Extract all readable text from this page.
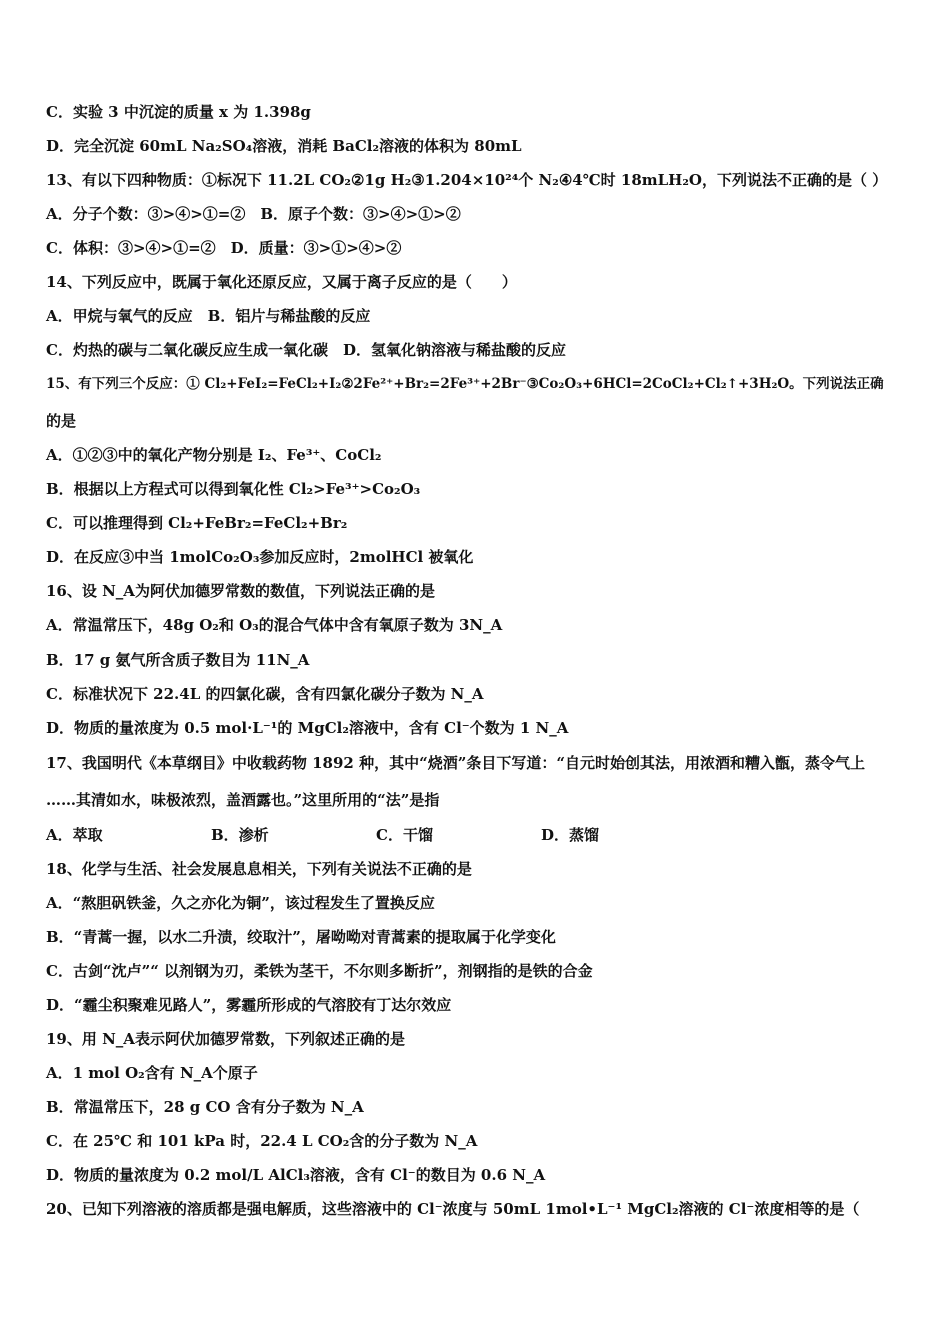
C．实验 3 中沉淀的质量 x 为 1.398g
D．完全沉淀 60mL Na₂SO₄溶液，消耗 BaCl₂溶液的体积为 80mL
13、有以下四种物质：①标况下 11.2L CO₂②1g H₂③1.204×10²⁴个 N₂④4℃时 18mLH₂O，下列说法不正确的是（ ）
A．分子个数：③>④>①=②　B．原子个数：③>④>①>②
C．体积：③>④>①=②　D．质量：③>①>④>②
14、下列反应中，既属于氧化还原反应，又属于离子反应的是（　　）
A．甲烷与氧气的反应　B．铝片与稀盐酸的反应
C．灼热的碳与二氧化碳反应生成一氧化碳　D．氢氧化钠溶液与稀盐酸的反应
15、有下列三个反应：① Cl₂+FeI₂=FeCl₂+I₂②2Fe²⁺+Br₂=2Fe³⁺+2Br⁻③Co₂O₃+6HCl=2CoCl₂+Cl₂↑+3H₂O。下列说法正确
的是
A．①②③中的氧化产物分别是 I₂、Fe³⁺、CoCl₂
B．根据以上方程式可以得到氧化性 Cl₂>Fe³⁺>Co₂O₃
C．可以推理得到 Cl₂+FeBr₂=FeCl₂+Br₂
D．在反应③中当 1molCo₂O₃参加反应时，2molHCl 被氧化
16、设 N_A为阿伏加德罗常数的数值，下列说法正确的是
A．常温常压下，48g O₂和 O₃的混合气体中含有氧原子数为 3N_A
B．17 g 氨气所含质子数目为 11N_A
C．标准状况下 22.4L 的四氯化碳，含有四氯化碳分子数为 N_A
D．物质的量浓度为 0.5 mol·L⁻¹的 MgCl₂溶液中，含有 Cl⁻个数为 1 N_A
17、我国明代《本草纲目》中收载药物 1892 种，其中“烧酒”条目下写道：“自元时始创其法，用浓酒和糟入甑，蒸令气上
……其清如水，味极浓烈，盖酒露也。”这里所用的“法”是指
A．萃取	B．渗析	C．干馏	D．蒸馏
18、化学与生活、社会发展息息相关，下列有关说法不正确的是
A．“熬胆矾铁釜，久之亦化为铜”，该过程发生了置换反应
B．“青蒿一握，以水二升渍，绞取汁”，屠呦呦对青蒿素的提取属于化学变化
C．古剑“沈卢”“ 以剂钢为刃，柔铁为茎干，不尔则多断折”，剂钢指的是铁的合金
D．“霾尘积聚难见路人”，雾霾所形成的气溶胶有丁达尔效应
19、用 N_A表示阿伏加德罗常数，下列叙述正确的是
A．1 mol O₂含有 N_A个原子
B．常温常压下，28 g CO 含有分子数为 N_A
C．在 25℃ 和 101 kPa 时，22.4 L CO₂含的分子数为 N_A
D．物质的量浓度为 0.2 mol/L AlCl₃溶液，含有 Cl⁻的数目为 0.6 N_A
20、已知下列溶液的溶质都是强电解质，这些溶液中的 Cl⁻浓度与 50mL 1mol•L⁻¹ MgCl₂溶液的 Cl⁻浓度相等的是（
